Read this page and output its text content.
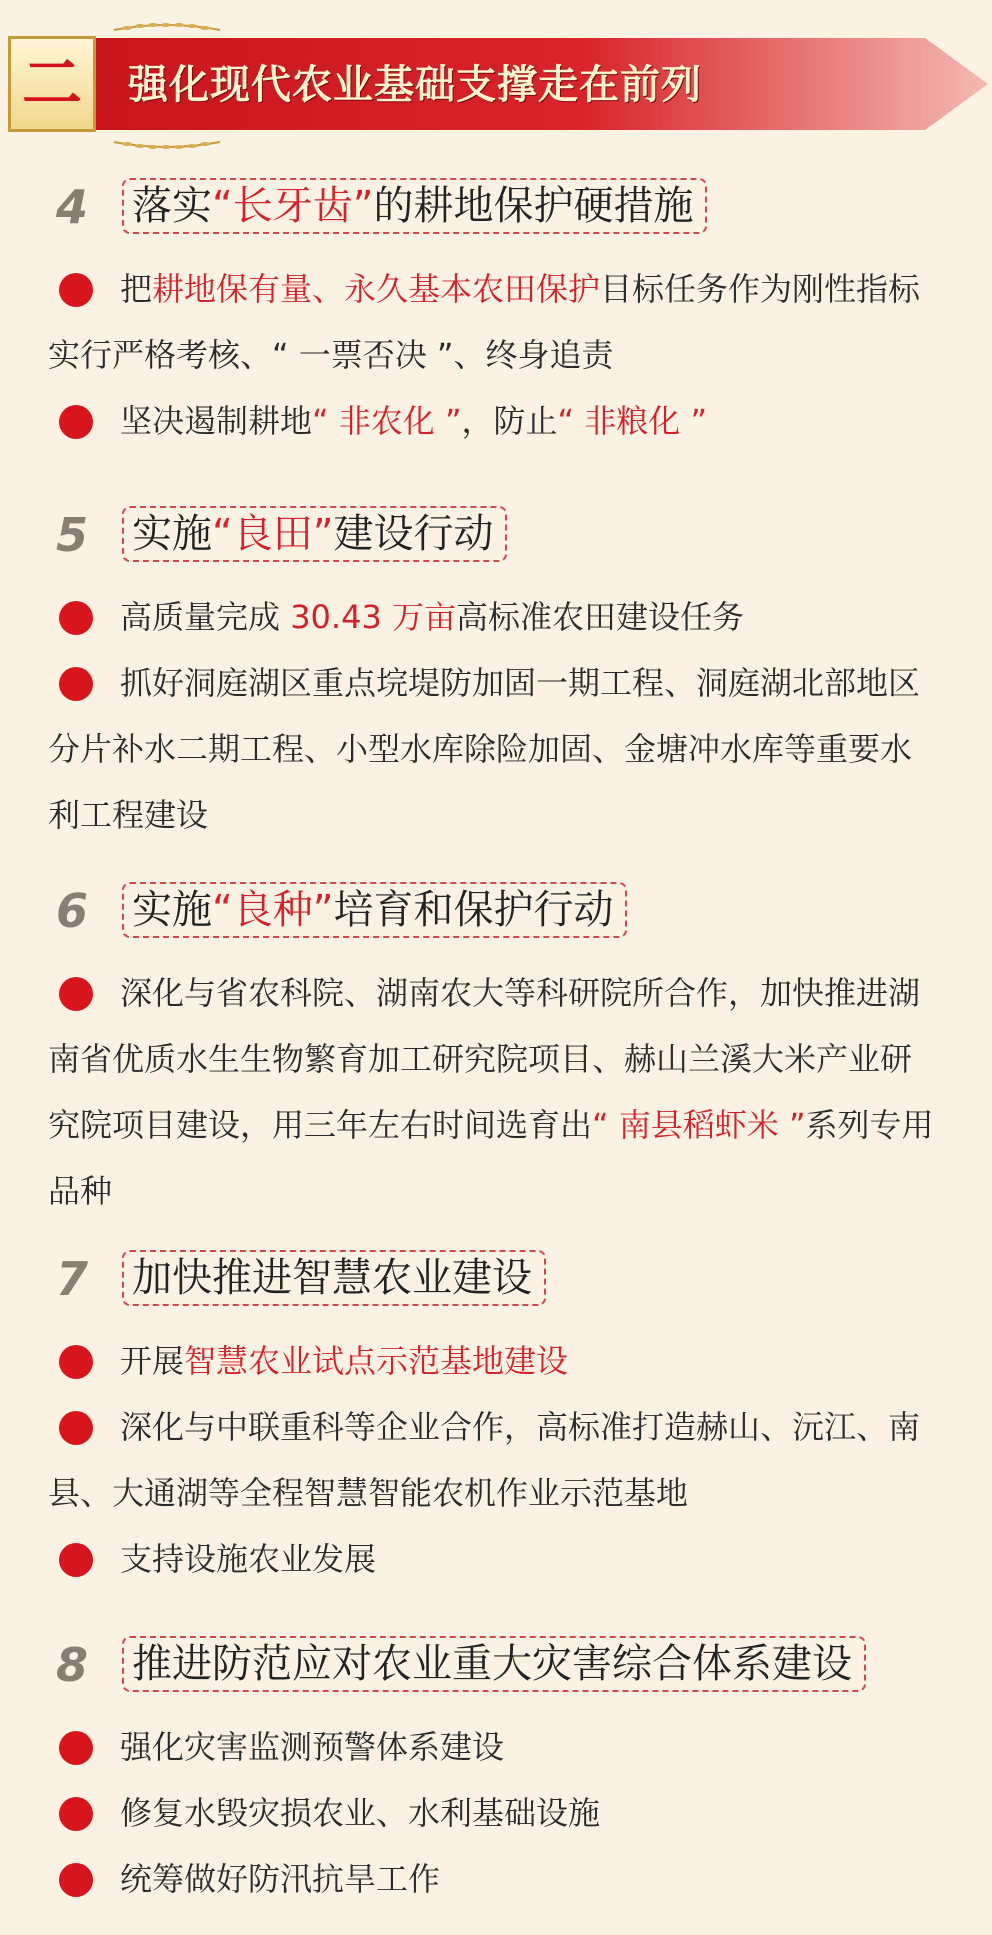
二 强化现代农业基础支撑走在前列
4 落实“长牙齿”的耕地保护硬措施
把耕地保有量、永久基本农田保护目标任务作为刚性指标实行严格考核、“ 一票否决 ”、终身追责
坚决遏制耕地“ 非农化 ”，防止“ 非粮化 ”
5 实施“良田”建设行动
高质量完成 30.43 万亩高标准农田建设任务
抓好洞庭湖区重点垸堤防加固一期工程、洞庭湖北部地区分片补水二期工程、小型水库除险加固、金塘冲水库等重要水利工程建设
6 实施“良种”培育和保护行动
深化与省农科院、湖南农大等科研院所合作，加快推进湖南省优质水生生物繁育加工研究院项目、赫山兰溪大米产业研究院项目建设，用三年左右时间选育出“ 南县稻虾米 ”系列专用品种
7 加快推进智慧农业建设
开展智慧农业试点示范基地建设
深化与中联重科等企业合作，高标准打造赫山、沅江、南县、大通湖等全程智慧智能农机作业示范基地
支持设施农业发展
8 推进防范应对农业重大灾害综合体系建设
强化灾害监测预警体系建设
修复水毁灾损农业、水利基础设施
统筹做好防汛抗旱工作
